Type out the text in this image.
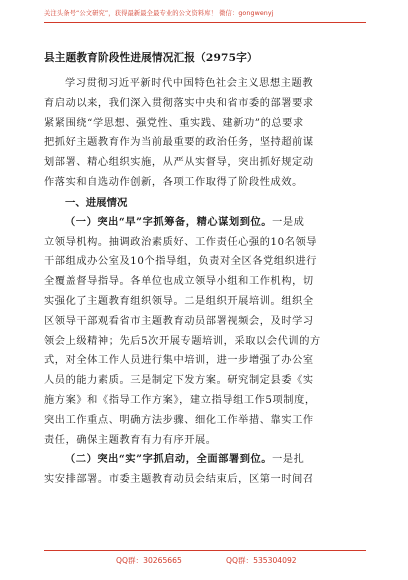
关注头条号“公文研究”，获得最新最全最专业的公文资料库！ 微信：gongwenyj
县主题教育阶段性进展情况汇报（2975字）

学习贯彻习近平新时代中国特色社会主义思想主题教
育启动以来，我们深入贯彻落实中央和省市委的部署要求
紧紧围绕“学思想、强党性、重实践、建新功”的总要求
把抓好主题教育作为当前最重要的政治任务，坚持超前谋
划部署、精心组织实施，从严从实督导，突出抓好规定动
作落实和自选动作创新，各项工作取得了阶段性成效。

一、进展情况

（一）突出“早”字抓筹备，精心谋划到位。一是成
立领导机构。抽调政治素质好、工作责任心强的10名领导
干部组成办公室及10个指导组，负责对全区各党组织进行
全覆盖督导指导。各单位也成立领导小组和工作机构，切
实强化了主题教育组织领导。二是组织开展培训。组织全
区领导干部观看省市主题教育动员部署视频会，及时学习
领会上级精神；先后5次开展专题培训，采取以会代训的方
式，对全体工作人员进行集中培训，进一步增强了办公室
人员的能力素质。三是制定下发方案。研究制定县委《实
施方案》和《指导工作方案》，建立指导组工作5项制度，
突出工作重点、明确方法步骤、细化工作举措、靠实工作
责任，确保主题教育有力有序开展。

（二）突出“实”字抓启动，全面部署到位。一是扎
实安排部署。市委主题教育动员会结束后，区第一时间召

QQ群：30265665	QQ群：535304092
